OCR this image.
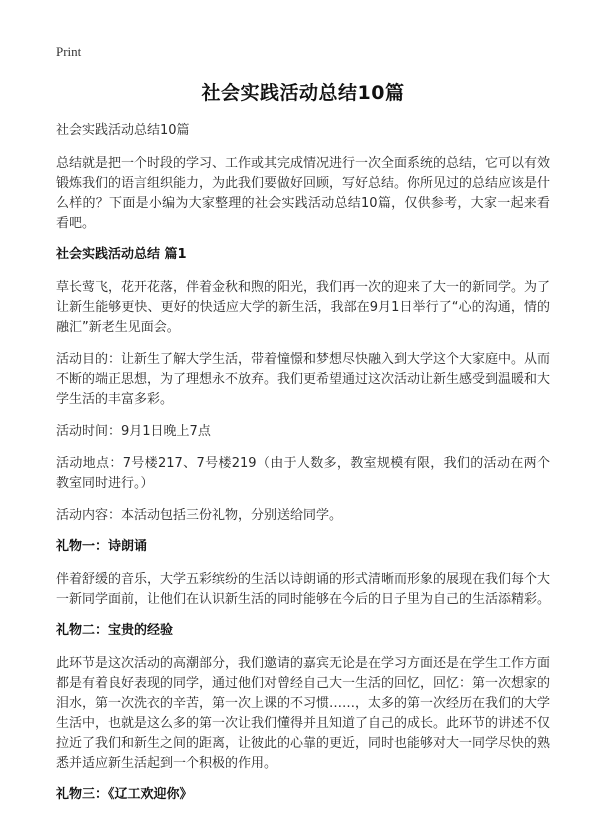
Print
社会实践活动总结10篇
社会实践活动总结10篇

总结就是把一个时段的学习、工作或其完成情况进行一次全面系统的总结，它可以有效锻炼我们的语言组织能力，为此我们要做好回顾，写好总结。你所见过的总结应该是什么样的？下面是小编为大家整理的社会实践活动总结10篇，仅供参考，大家一起来看看吧。

社会实践活动总结 篇1

草长莺飞，花开花落，伴着金秋和煦的阳光，我们再一次的迎来了大一的新同学。为了让新生能够更快、更好的快适应大学的新生活，我部在9月1日举行了“心的沟通，情的融汇”新老生见面会。

活动目的：让新生了解大学生活，带着憧憬和梦想尽快融入到大学这个大家庭中。从而不断的端正思想，为了理想永不放弃。我们更希望通过这次活动让新生感受到温暖和大学生活的丰富多彩。

活动时间：9月1日晚上7点

活动地点：7号楼217、7号楼219（由于人数多，教室规模有限，我们的活动在两个教室同时进行。）

活动内容：本活动包括三份礼物，分别送给同学。

礼物一：诗朗诵

伴着舒缓的音乐，大学五彩缤纷的生活以诗朗诵的形式清晰而形象的展现在我们每个大一新同学面前，让他们在认识新生活的同时能够在今后的日子里为自己的生活添精彩。

礼物二：宝贵的经验

此环节是这次活动的高潮部分，我们邀请的嘉宾无论是在学习方面还是在学生工作方面都是有着良好表现的同学，通过他们对曾经自己大一生活的回忆，回忆：第一次想家的泪水，第一次洗衣的辛苦，第一次上课的不习惯……，太多的第一次经历在我们的大学生活中，也就是这么多的第一次让我们懂得并且知道了自己的成长。此环节的讲述不仅拉近了我们和新生之间的距离，让彼此的心靠的更近，同时也能够对大一同学尽快的熟悉并适应新生活起到一个积极的作用。

礼物三：《辽工欢迎你》
